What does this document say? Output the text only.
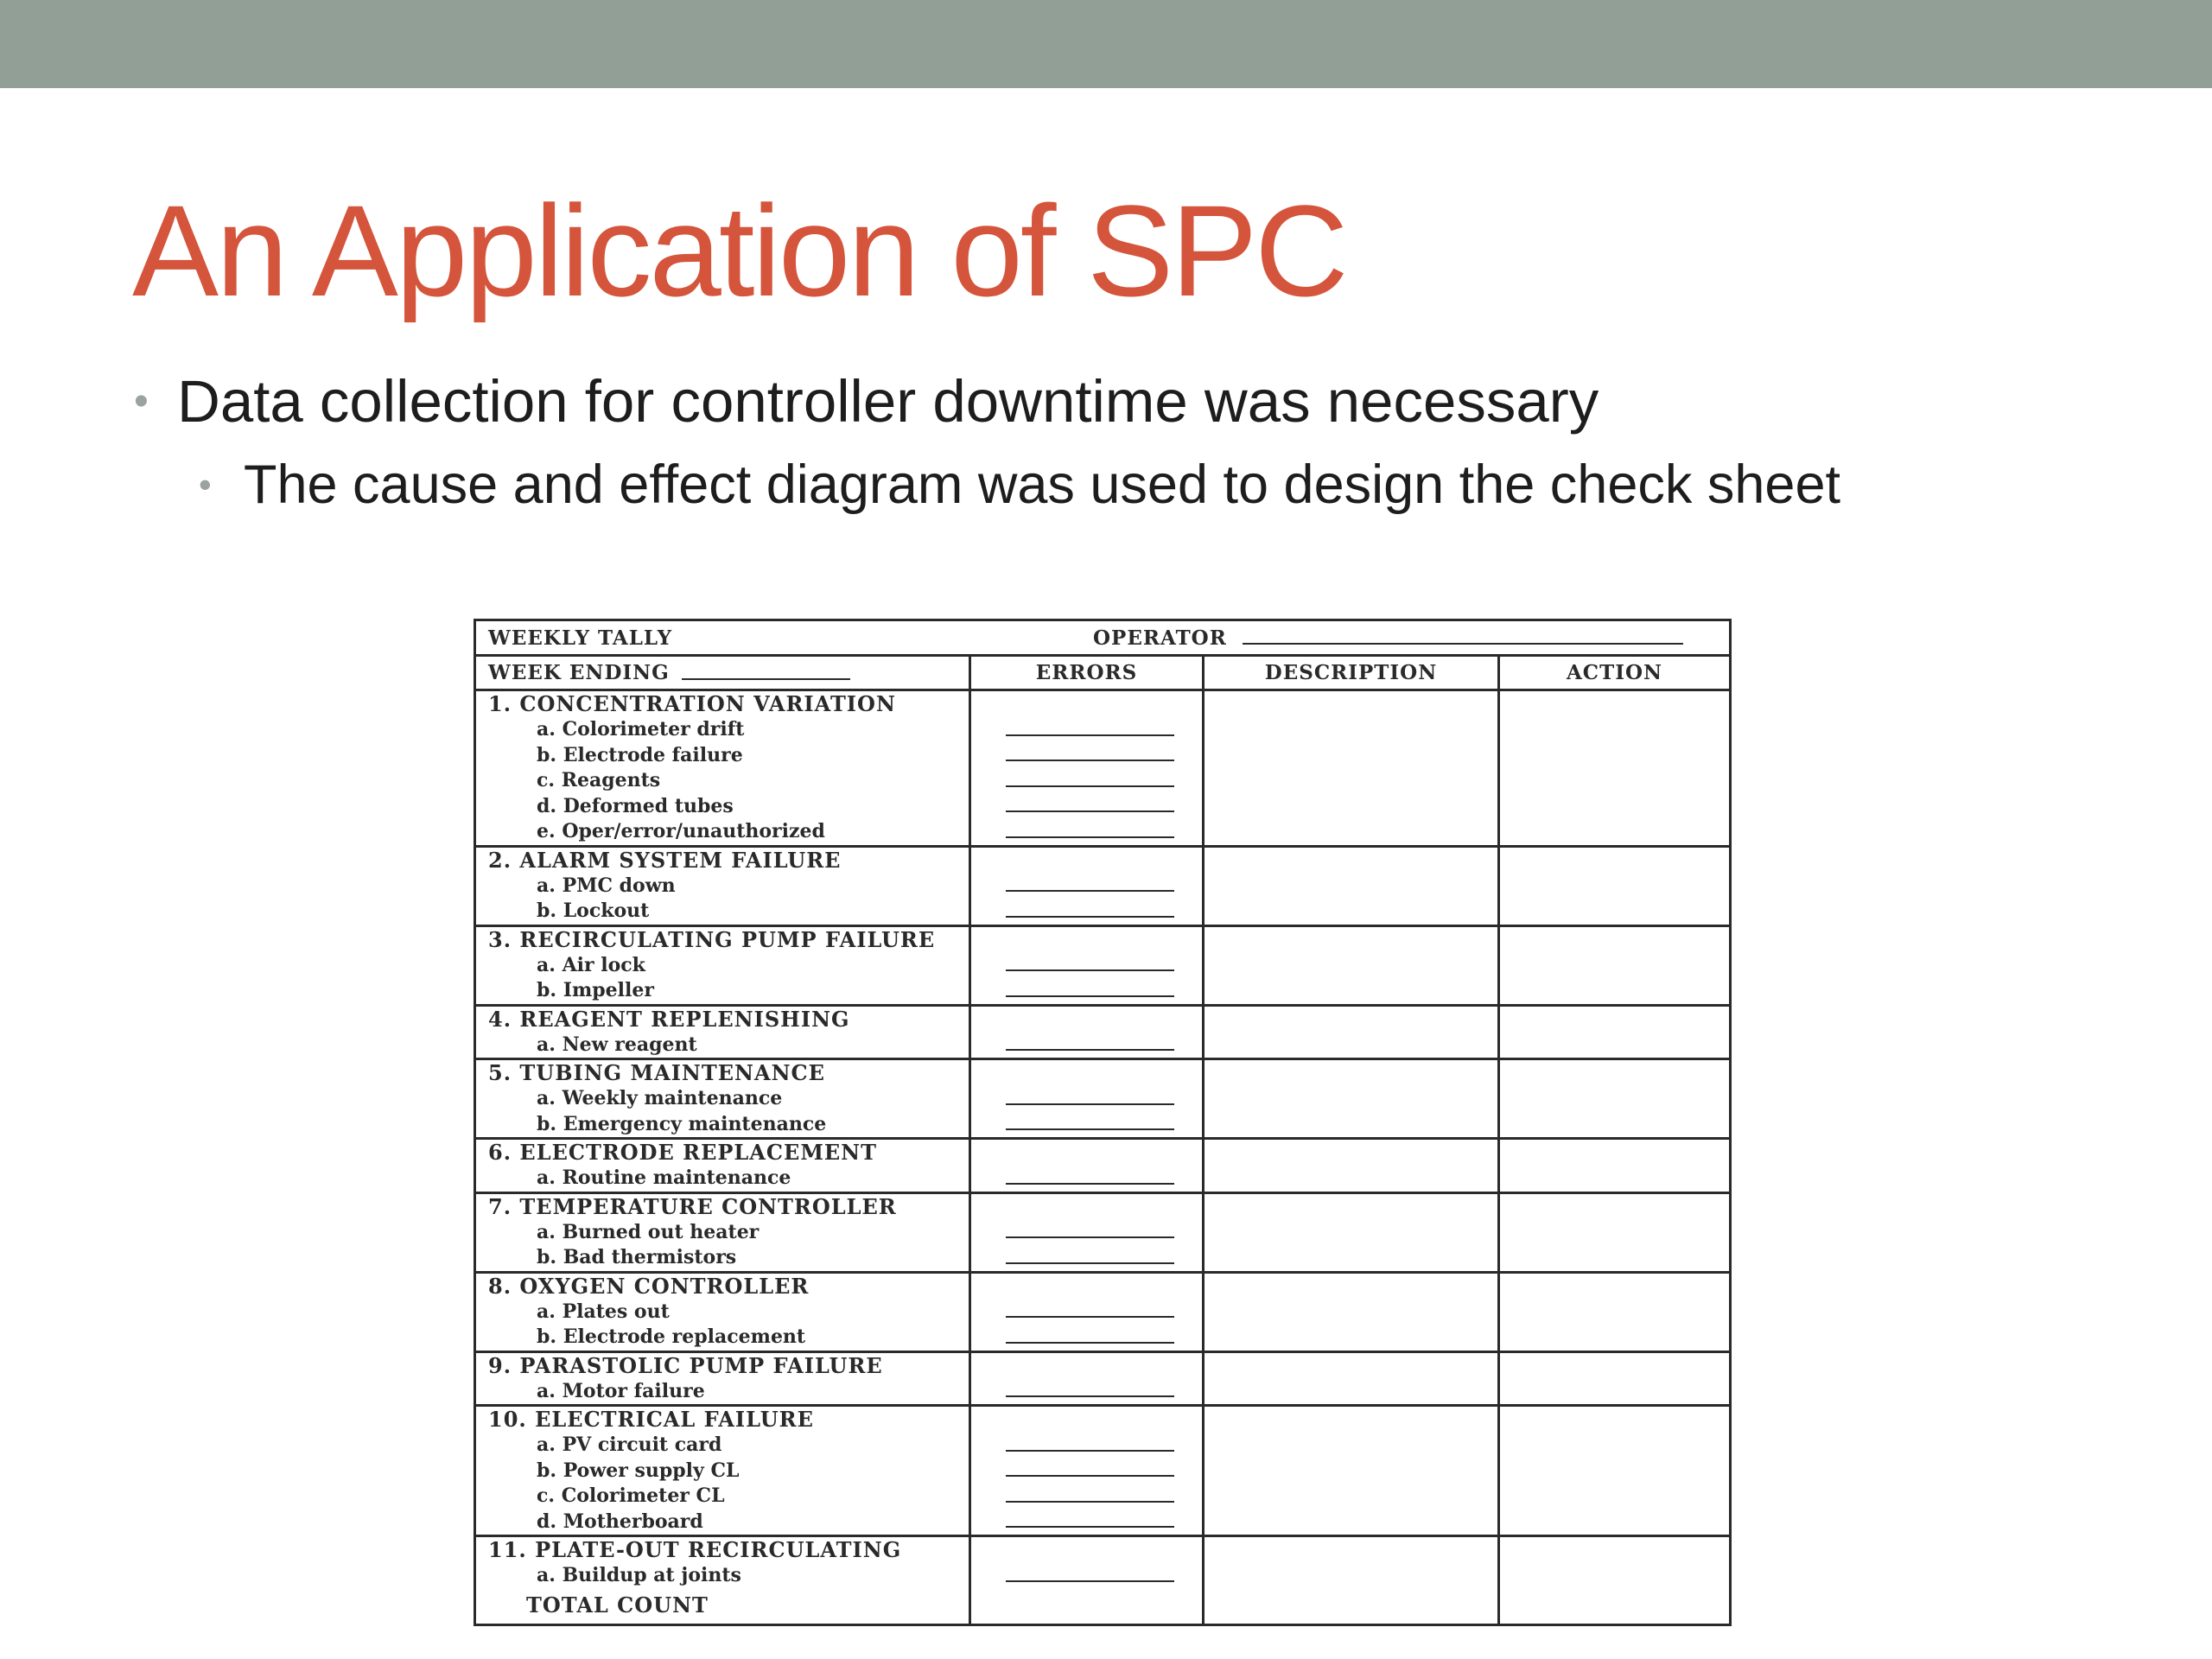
An Application of SPC
• Data collection for controller downtime was necessary
• The cause and effect diagram was used to design the check sheet
WEEKLY TALLY	OPERATOR
WEEK ENDING	ERRORS	DESCRIPTION	ACTION
1. CONCENTRATION VARIATION
a. Colorimeter drift
b. Electrode failure
c. Reagents
d. Deformed tubes
e. Oper/error/unauthorized
2. ALARM SYSTEM FAILURE
a. PMC down
b. Lockout
3. RECIRCULATING PUMP FAILURE
a. Air lock
b. Impeller
4. REAGENT REPLENISHING
a. New reagent
5. TUBING MAINTENANCE
a. Weekly maintenance
b. Emergency maintenance
6. ELECTRODE REPLACEMENT
a. Routine maintenance
7. TEMPERATURE CONTROLLER
a. Burned out heater
b. Bad thermistors
8. OXYGEN CONTROLLER
a. Plates out
b. Electrode replacement
9. PARASTOLIC PUMP FAILURE
a. Motor failure
10. ELECTRICAL FAILURE
a. PV circuit card
b. Power supply CL
c. Colorimeter CL
d. Motherboard
11. PLATE-OUT RECIRCULATING
a. Buildup at joints
TOTAL COUNT
